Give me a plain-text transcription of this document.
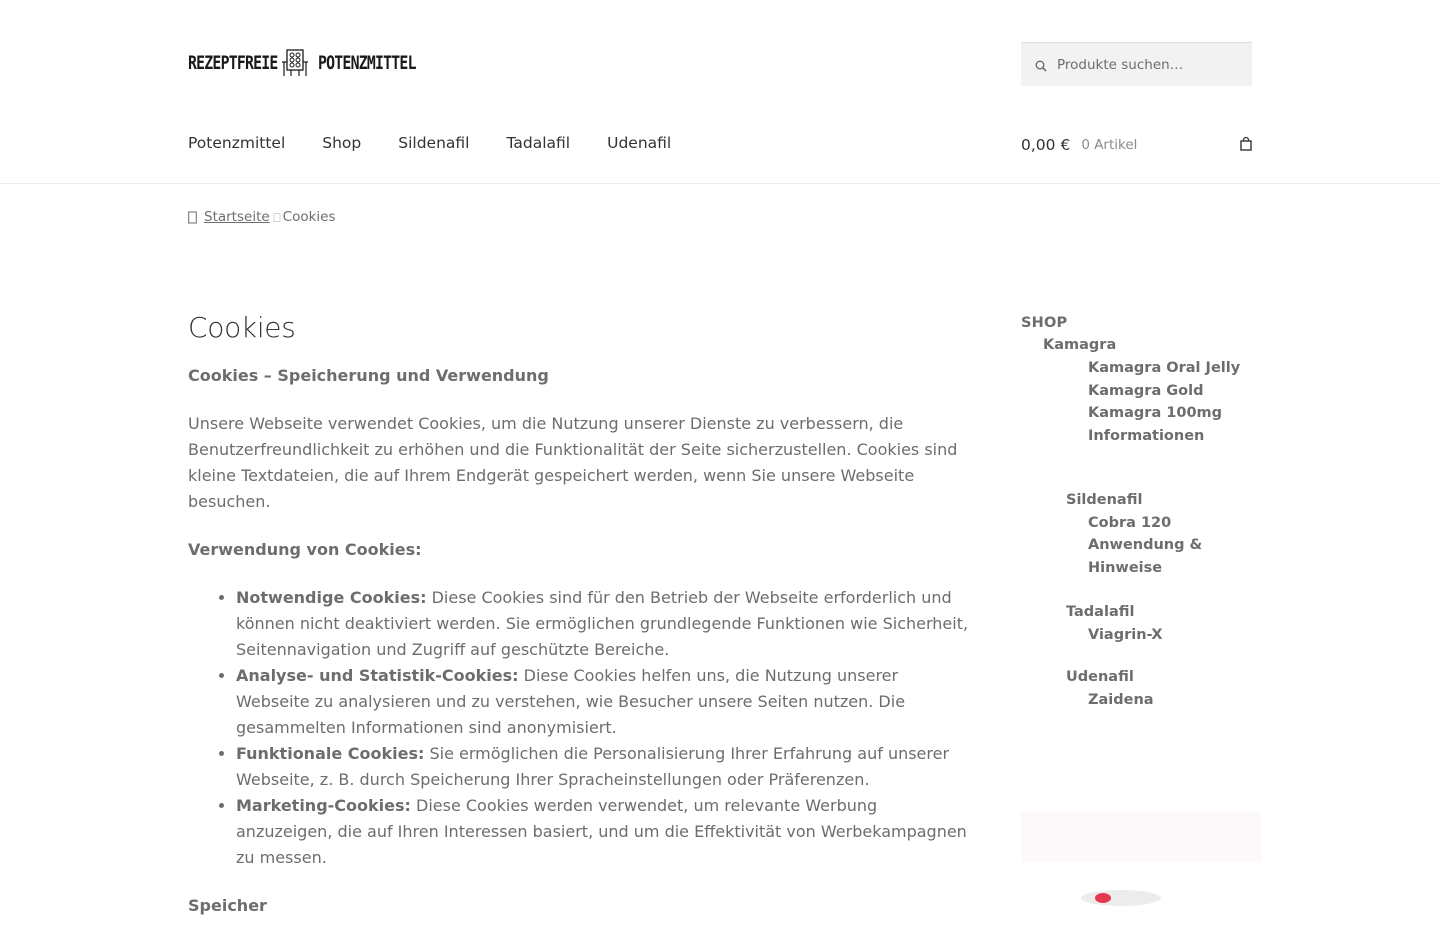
REZEPTFREIE POTENZMITTEL
Produkte suchen…
Potenzmittel Shop Sildenafil Tadalafil Udenafil	0,00 € 0 Artikel
Startseite Cookies
Cookies

Cookies – Speicherung und Verwendung

Unsere Webseite verwendet Cookies, um die Nutzung unserer Dienste zu verbessern, die Benutzerfreundlichkeit zu erhöhen und die Funktionalität der Seite sicherzustellen. Cookies sind kleine Textdateien, die auf Ihrem Endgerät gespeichert werden, wenn Sie unsere Webseite besuchen.

Verwendung von Cookies:

• Notwendige Cookies: Diese Cookies sind für den Betrieb der Webseite erforderlich und können nicht deaktiviert werden. Sie ermöglichen grundlegende Funktionen wie Sicherheit, Seitennavigation und Zugriff auf geschützte Bereiche.
• Analyse- und Statistik-Cookies: Diese Cookies helfen uns, die Nutzung unserer Webseite zu analysieren und zu verstehen, wie Besucher unsere Seiten nutzen. Die gesammelten Informationen sind anonymisiert.
• Funktionale Cookies: Sie ermöglichen die Personalisierung Ihrer Erfahrung auf unserer Webseite, z. B. durch Speicherung Ihrer Spracheinstellungen oder Präferenzen.
• Marketing-Cookies: Diese Cookies werden verwendet, um relevante Werbung anzuzeigen, die auf Ihren Interessen basiert, und um die Effektivität von Werbekampagnen zu messen.

Speicher

SHOP
Kamagra
Kamagra Oral Jelly
Kamagra Gold
Kamagra 100mg
Informationen
Sildenafil
Cobra 120
Anwendung &
Hinweise
Tadalafil
Viagrin-X
Udenafil
Zaidena
